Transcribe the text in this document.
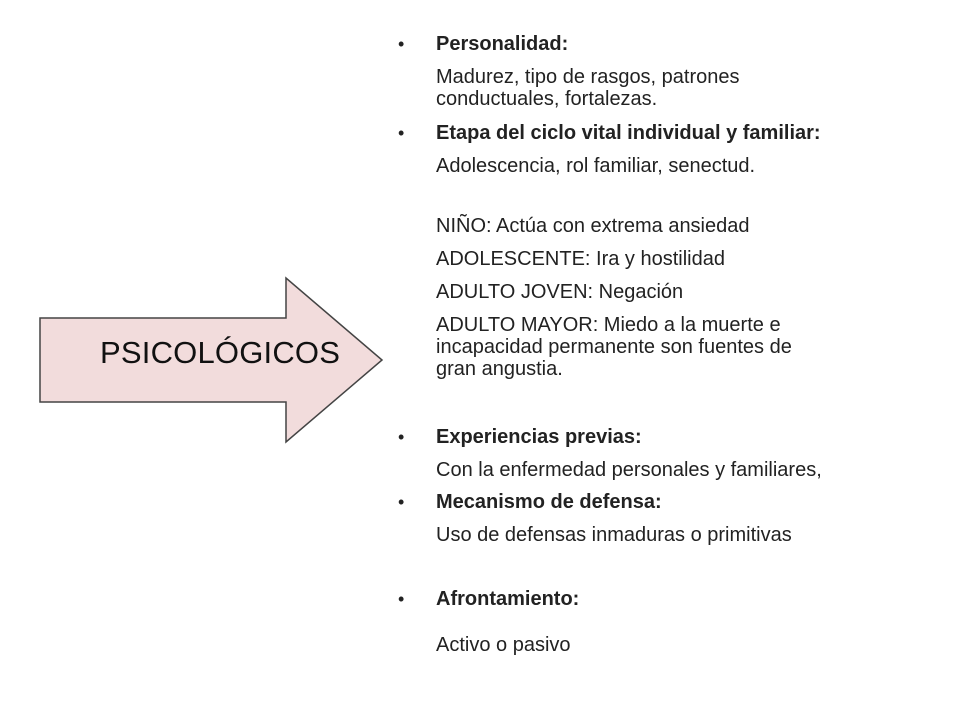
PSICOLÓGICOS
• Personalidad:
Madurez, tipo de rasgos, patrones
conductuales, fortalezas.
• Etapa del ciclo vital individual y familiar:
Adolescencia, rol familiar, senectud.
NIÑO: Actúa con extrema ansiedad
ADOLESCENTE: Ira y hostilidad
ADULTO JOVEN: Negación
ADULTO MAYOR: Miedo a la muerte e
incapacidad permanente son fuentes de
gran angustia.
• Experiencias previas:
Con la enfermedad personales y familiares,
• Mecanismo de defensa:
Uso de defensas inmaduras o primitivas
• Afrontamiento:
Activo o pasivo
